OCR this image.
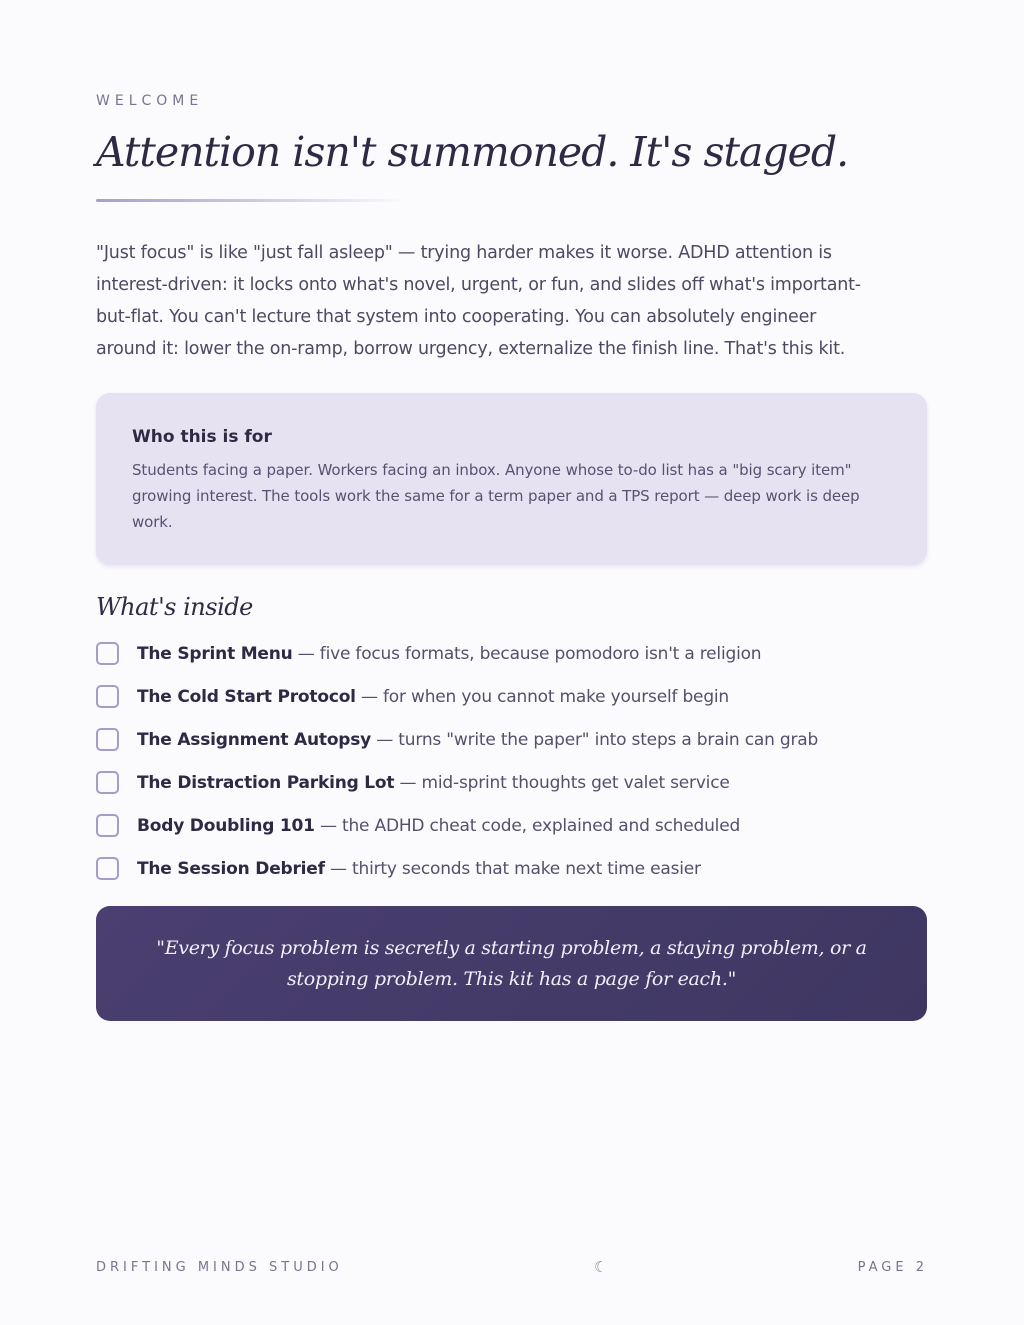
WELCOME
Attention isn't summoned. It's staged.

"Just focus" is like "just fall asleep" — trying harder makes it worse. ADHD attention is interest-driven: it locks onto what's novel, urgent, or fun, and slides off what's important-but-flat. You can't lecture that system into cooperating. You can absolutely engineer around it: lower the on-ramp, borrow urgency, externalize the finish line. That's this kit.

Who this is for

Students facing a paper. Workers facing an inbox. Anyone whose to-do list has a "big scary item" growing interest. The tools work the same for a term paper and a TPS report — deep work is deep work.

What's inside
The Sprint Menu — five focus formats, because pomodoro isn't a religion
The Cold Start Protocol — for when you cannot make yourself begin
The Assignment Autopsy — turns "write the paper" into steps a brain can grab
The Distraction Parking Lot — mid-sprint thoughts get valet service
Body Doubling 101 — the ADHD cheat code, explained and scheduled
The Session Debrief — thirty seconds that make next time easier

"Every focus problem is secretly a starting problem, a staying problem, or a stopping problem. This kit has a page for each."

DRIFTING MINDS STUDIO	☾	PAGE 2
